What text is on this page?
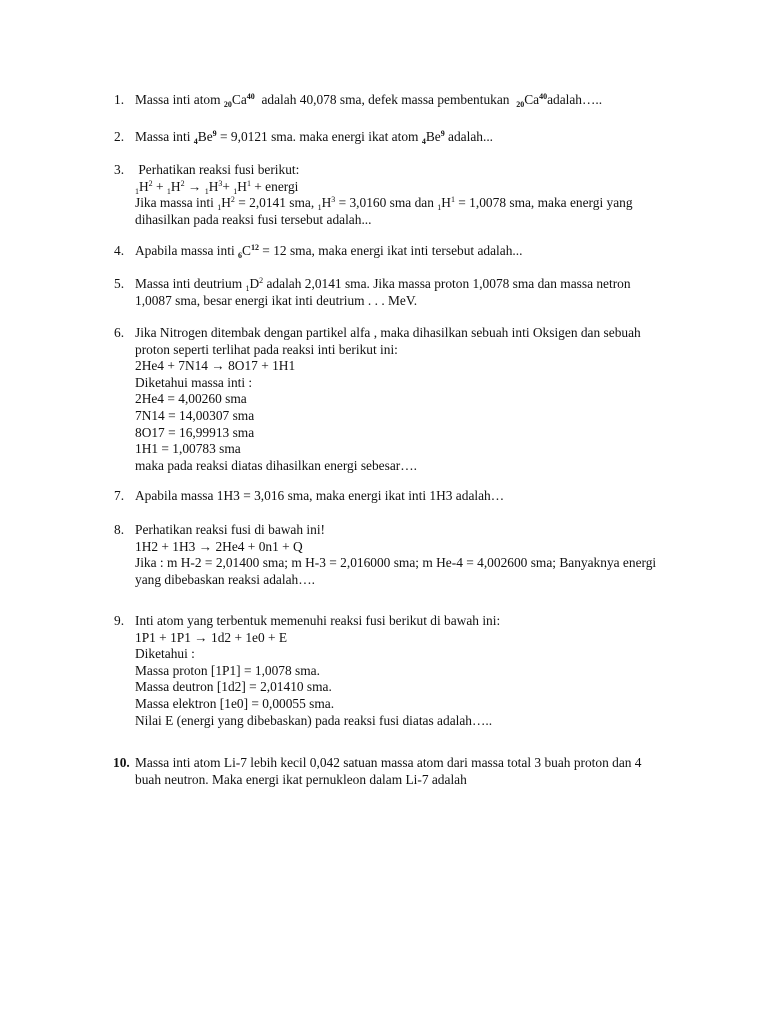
1. Massa inti atom $_{20}Ca^{40}$  adalah 40,078 sma, defek massa pembentukan  $_{20}Ca^{40}adalah\dots$..
2. Massa inti $_4Be^9 = 9,0121$ sma. maka energi ikat atom $_4Be^9$ adalah...
3. Perhatikan reaksi fusi berikut:
$_1H^2 + _1H^2 \to _1H^3+ _1H^1$ + energi
Jika massa inti $_1H^2 = 2,0141$ sma, $_1H^3 = 3,0160$ sma dan $_1H^1 = 1,0078$ sma, maka energi yang
dihasilkan pada reaksi fusi tersebut adalah...
4. Apabila massa inti $_6C^{12} = 12$ sma, maka energi ikat inti tersebut adalah...
5. Massa inti deutrium $_1D^2$ adalah 2,0141 sma. Jika massa proton 1,0078 sma dan massa netron
1,0087 sma, besar energi ikat inti deutrium . . . MeV.
6. Jika Nitrogen ditembak dengan partikel alfa , maka dihasilkan sebuah inti Oksigen dan sebuah
proton seperti terlihat pada reaksi inti berikut ini:
2He4 + 7N14 → 8O17 + 1H1
Diketahui massa inti :
2He4 = 4,00260 sma
7N14 = 14,00307 sma
8O17 = 16,99913 sma
1H1 = 1,00783 sma
maka pada reaksi diatas dihasilkan energi sebesar….
7. Apabila massa 1H3 = 3,016 sma, maka energi ikat inti 1H3 adalah…
8. Perhatikan reaksi fusi di bawah ini!
1H2 + 1H3 → 2He4 + 0n1 + Q
Jika : m H-2 = 2,01400 sma; m H-3 = 2,016000 sma; m He-4 = 4,002600 sma; Banyaknya energi
yang dibebaskan reaksi adalah….
9. Inti atom yang terbentuk memenuhi reaksi fusi berikut di bawah ini:
1P1 + 1P1 → 1d2 + 1e0 + E
Diketahui :
Massa proton [1P1] = 1,0078 sma.
Massa deutron [1d2] = 2,01410 sma.
Massa elektron [1e0] = 0,00055 sma.
Nilai E (energi yang dibebaskan) pada reaksi fusi diatas adalah…..
10. Massa inti atom Li-7 lebih kecil 0,042 satuan massa atom dari massa total 3 buah proton dan 4
buah neutron. Maka energi ikat pernukleon dalam Li-7 adalah
